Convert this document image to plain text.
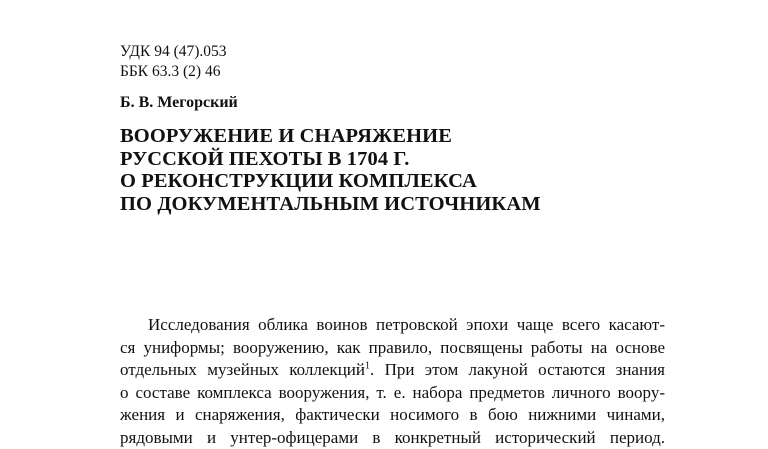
УДК 94 (47).053
ББК 63.3 (2) 46
Б. В. Мегорский
ВООРУЖЕНИЕ И СНАРЯЖЕНИЕ
РУССКОЙ ПЕХОТЫ В 1704 Г.
О РЕКОНСТРУКЦИИ КОМПЛЕКСА
ПО ДОКУМЕНТАЛЬНЫМ ИСТОЧНИКАМ
Исследования облика воинов петровской эпохи чаще всего касают-
ся униформы; вооружению, как правило, посвящены работы на основе
отдельных музейных коллекций$^1$. При этом лакуной остаются знания
о составе комплекса вооружения, т. е. набора предметов личного воору-
жения и снаряжения, фактически носимого в бою нижними чинами,
рядовыми и унтер-офицерами в конкретный исторический период.
